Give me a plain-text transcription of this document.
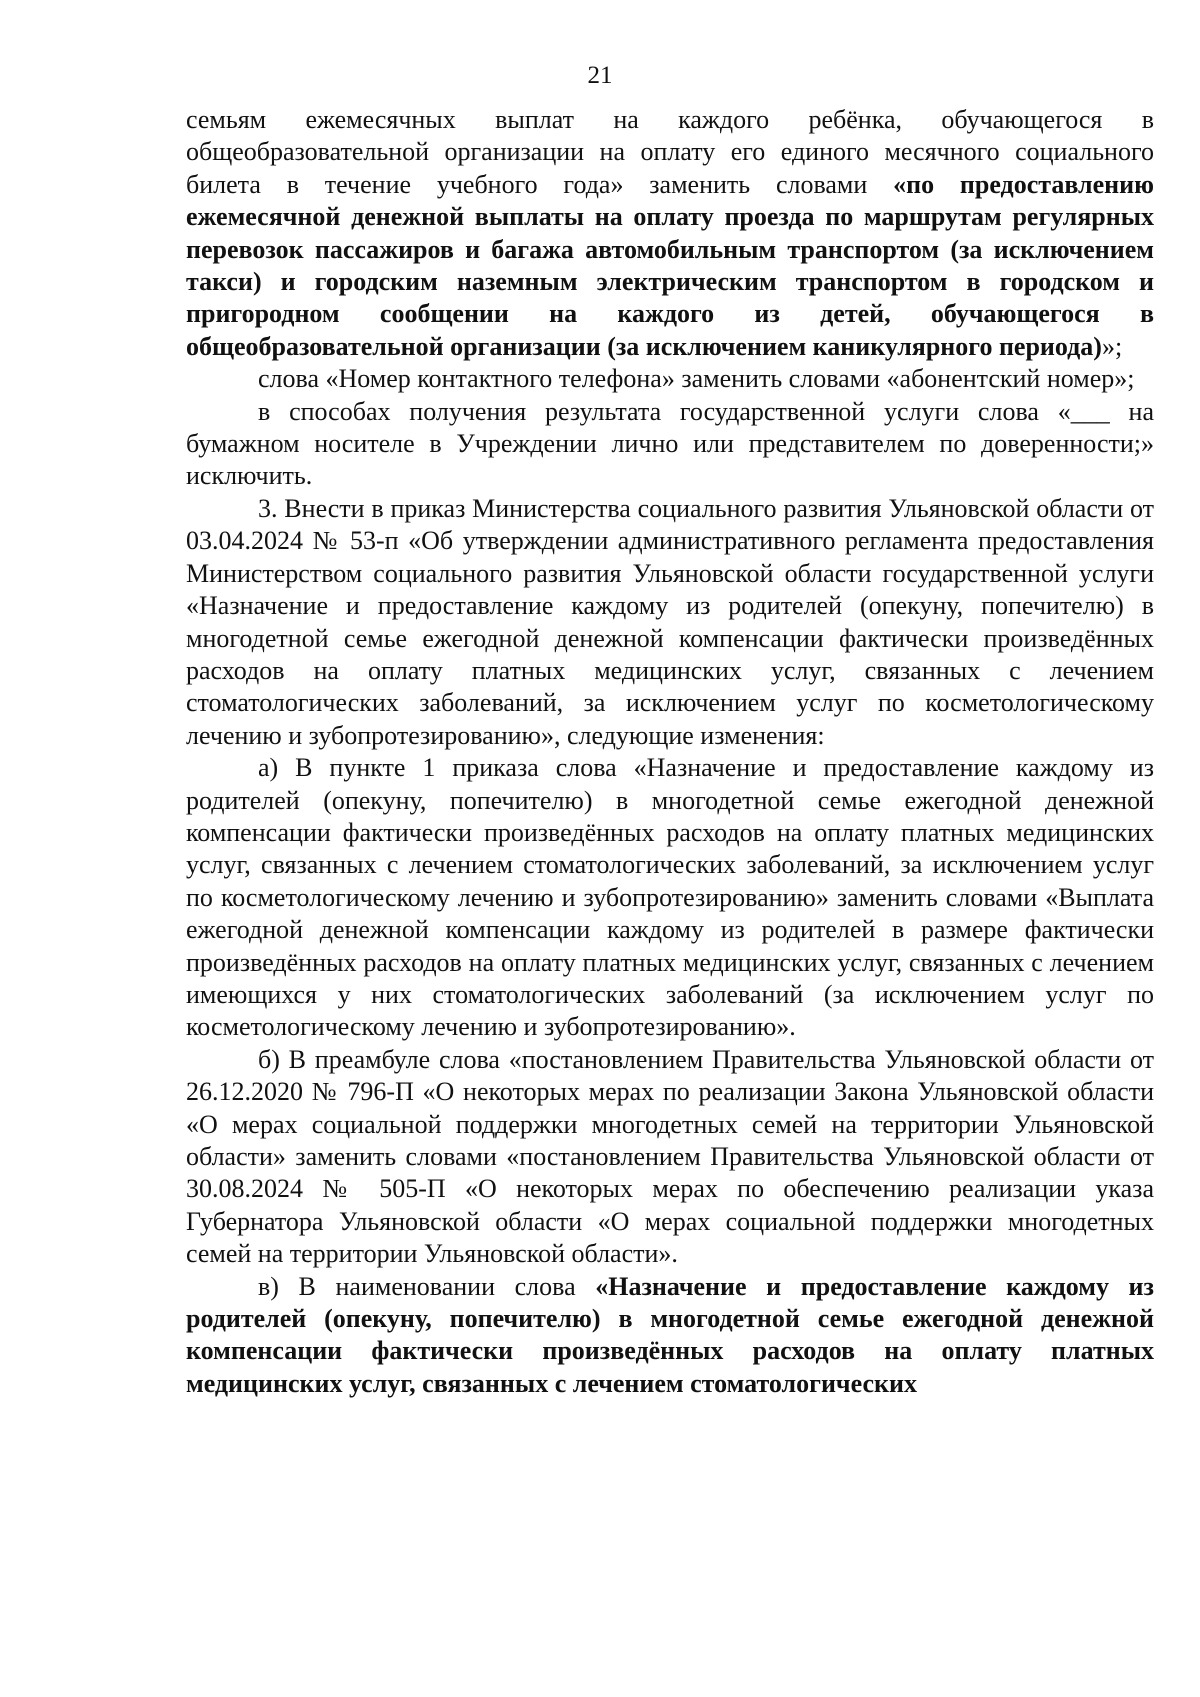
21

семьям ежемесячных выплат на каждого ребёнка, обучающегося в общеобразовательной организации на оплату его единого месячного социального билета в течение учебного года» заменить словами «по предоставлению ежемесячной денежной выплаты на оплату проезда по маршрутам регулярных перевозок пассажиров и багажа автомобильным транспортом (за исключением такси) и городским наземным электрическим транспортом в городском и пригородном сообщении на каждого из детей, обучающегося в общеобразовательной организации (за исключением каникулярного периода)»;

слова «Номер контактного телефона» заменить словами «абонентский номер»;

в способах получения результата государственной услуги слова «___ на бумажном носителе в Учреждении лично или представителем по доверенности;» исключить.

3. Внести в приказ Министерства социального развития Ульяновской области от 03.04.2024 № 53-п «Об утверждении административного регламента предоставления Министерством социального развития Ульяновской области государственной услуги «Назначение и предоставление каждому из родителей (опекуну, попечителю) в многодетной семье ежегодной денежной компенсации фактически произведённых расходов на оплату платных медицинских услуг, связанных с лечением стоматологических заболеваний, за исключением услуг по косметологическому лечению и зубопротезированию», следующие изменения:

а) В пункте 1 приказа слова «Назначение и предоставление каждому из родителей (опекуну, попечителю) в многодетной семье ежегодной денежной компенсации фактически произведённых расходов на оплату платных медицинских услуг, связанных с лечением стоматологических заболеваний, за исключением услуг по косметологическому лечению и зубопротезированию» заменить словами «Выплата ежегодной денежной компенсации каждому из родителей в размере фактически произведённых расходов на оплату платных медицинских услуг, связанных с лечением имеющихся у них стоматологических заболеваний (за исключением услуг по косметологическому лечению и зубопротезированию».

б) В преамбуле слова «постановлением Правительства Ульяновской области от 26.12.2020 № 796-П «О некоторых мерах по реализации Закона Ульяновской области «О мерах социальной поддержки многодетных семей на территории Ульяновской области» заменить словами «постановлением Правительства Ульяновской области от 30.08.2024 № 505-П «О некоторых мерах по обеспечению реализации указа Губернатора Ульяновской области «О мерах социальной поддержки многодетных семей на территории Ульяновской области».

в) В наименовании слова «Назначение и предоставление каждому из родителей (опекуну, попечителю) в многодетной семье ежегодной денежной компенсации фактически произведённых расходов на оплату платных медицинских услуг, связанных с лечением стоматологических
